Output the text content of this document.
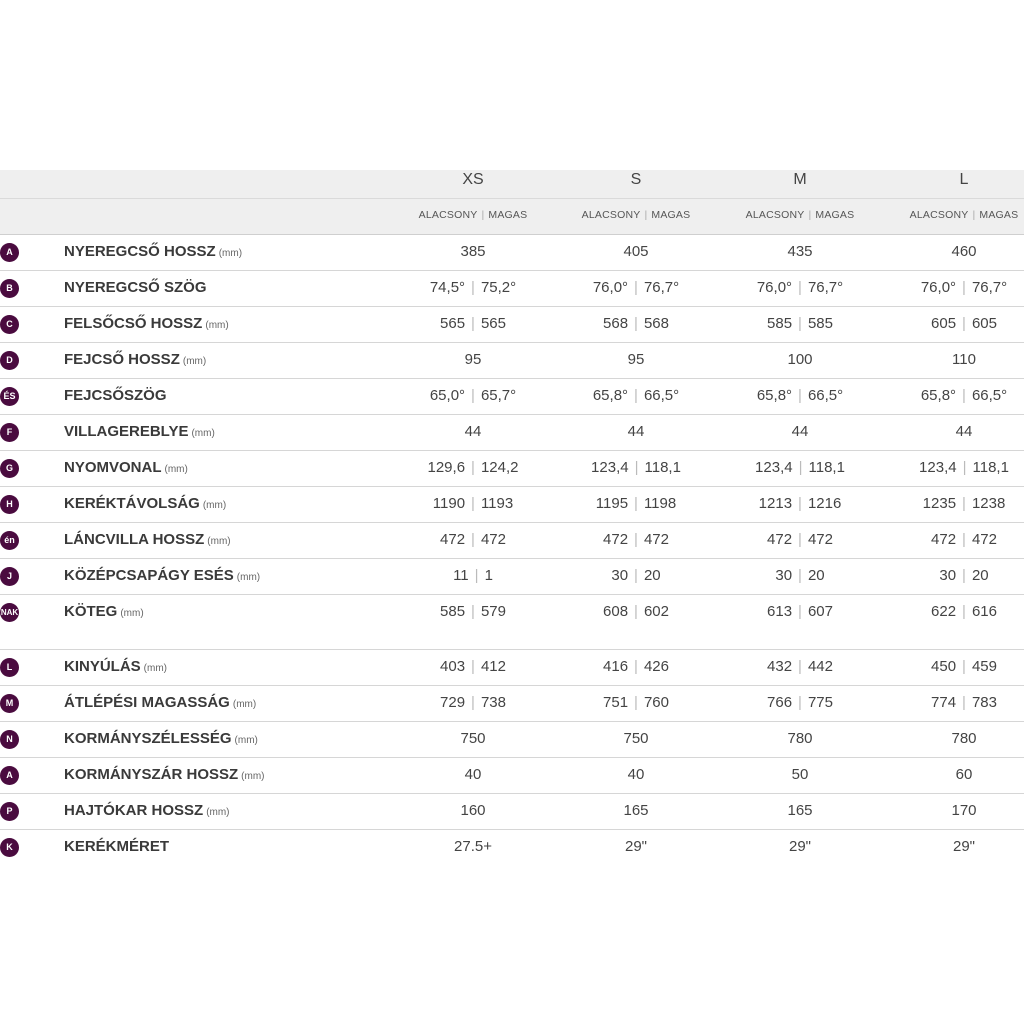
XS	S	M	L
ALACSONY | MAGAS	ALACSONY | MAGAS	ALACSONY | MAGAS	ALACSONY | MAGAS
A	NYEREGCSŐ HOSSZ (mm)	385	405	435	460
B	NYEREGCSŐ SZÖG	74,5° | 75,2°	76,0° | 76,7°	76,0° | 76,7°	76,0° | 76,7°
C	FELSŐCSŐ HOSSZ (mm)	565 | 565	568 | 568	585 | 585	605 | 605
D	FEJCSŐ HOSSZ (mm)	95	95	100	110
ÉS	FEJCSŐSZÖG	65,0° | 65,7°	65,8° | 66,5°	65,8° | 66,5°	65,8° | 66,5°
F	VILLAGEREBLYE (mm)	44	44	44	44
G	NYOMVONAL (mm)	129,6 | 124,2	123,4 | 118,1	123,4 | 118,1	123,4 | 118,1
H	KERÉKTÁVOLSÁG (mm)	1190 | 1193	1195 | 1198	1213 | 1216	1235 | 1238
én	LÁNCVILLA HOSSZ (mm)	472 | 472	472 | 472	472 | 472	472 | 472
J	KÖZÉPCSAPÁGY ESÉS (mm)	11 | 1	30 | 20	30 | 20	30 | 20
NAK	KÖTEG (mm)	585 | 579	608 | 602	613 | 607	622 | 616
L	KINYÚLÁS (mm)	403 | 412	416 | 426	432 | 442	450 | 459
M	ÁTLÉPÉSI MAGASSÁG (mm)	729 | 738	751 | 760	766 | 775	774 | 783
N	KORMÁNYSZÉLESSÉG (mm)	750	750	780	780
A	KORMÁNYSZÁR HOSSZ (mm)	40	40	50	60
P	HAJTÓKAR HOSSZ (mm)	160	165	165	170
K	KERÉKMÉRET	27.5+	29"	29"	29"
